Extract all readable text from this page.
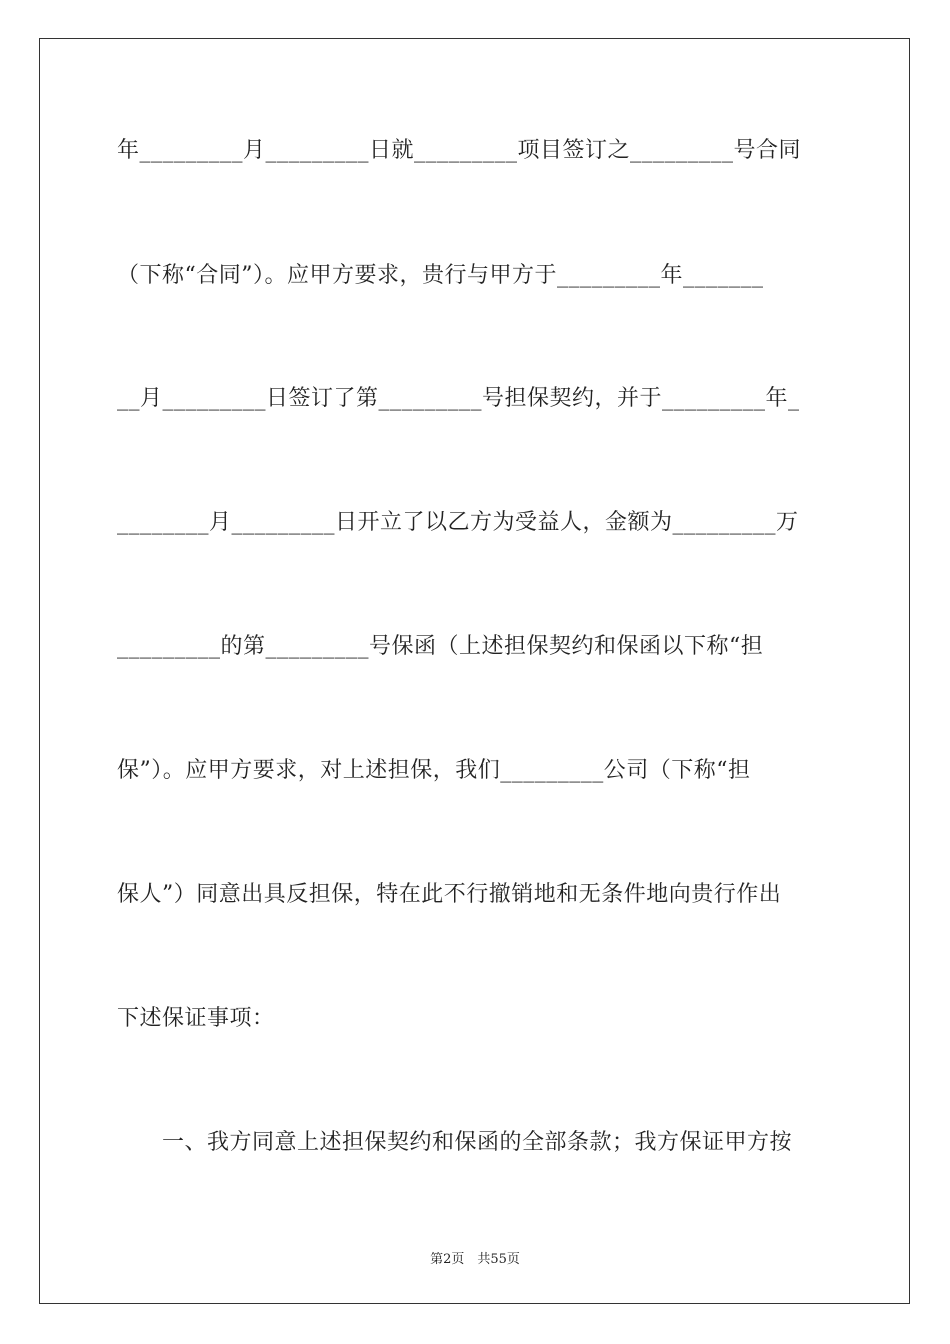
年_________月_________日就_________项目签订之_________号合同
（下称“合同”）。应甲方要求，贵行与甲方于_________年_______
__月_________日签订了第_________号担保契约，并于_________年_
________月_________日开立了以乙方为受益人，金额为_________万
_________的第_________号保函（上述担保契约和保函以下称“担
保”）。应甲方要求，对上述担保，我们_________公司（下称“担
保人”）同意出具反担保，特在此不行撤销地和无条件地向贵行作出
下述保证事项：
　　一、我方同意上述担保契约和保函的全部条款；我方保证甲方按
第2页　共55页
